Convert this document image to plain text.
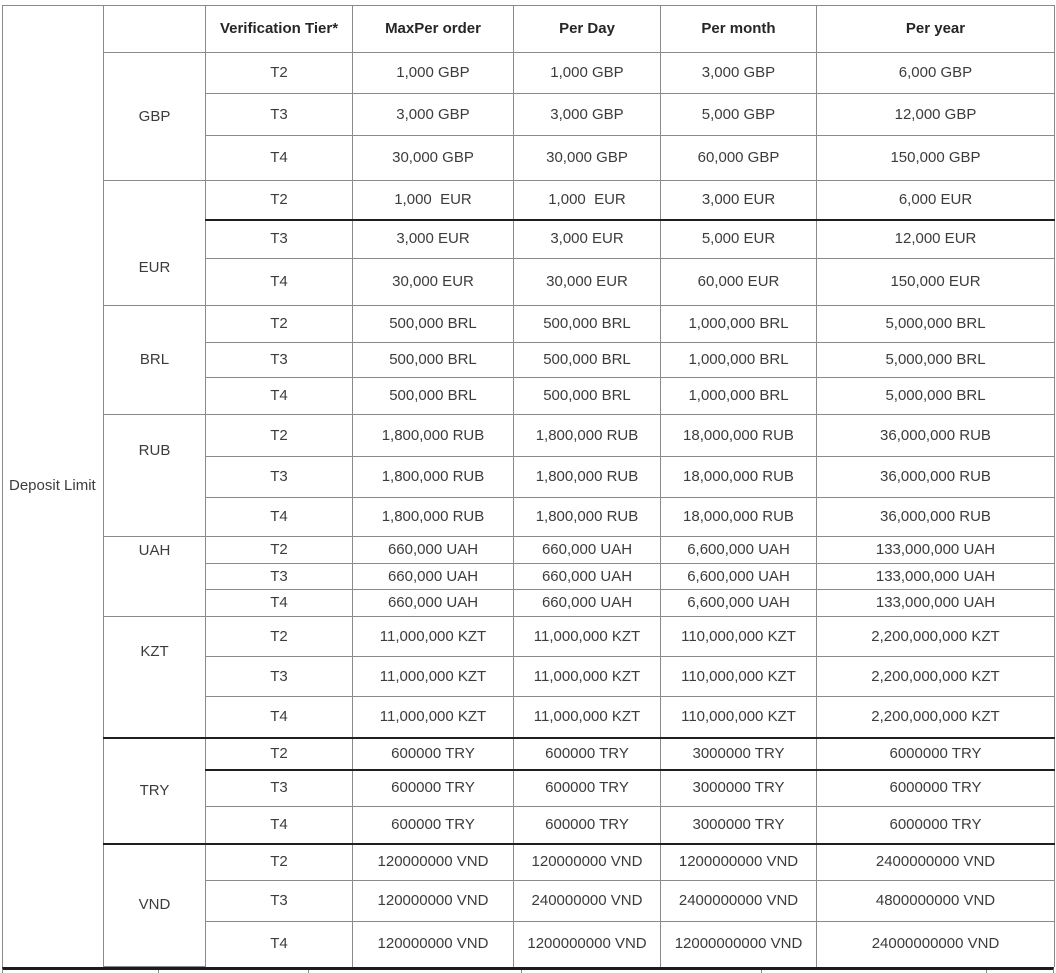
Deposit Limit		Verification Tier*	MaxPer order	Per Day	Per month	Per year
	GBP	T2	1,000 GBP	1,000 GBP	3,000 GBP	6,000 GBP
		T3	3,000 GBP	3,000 GBP	5,000 GBP	12,000 GBP
		T4	30,000 GBP	30,000 GBP	60,000 GBP	150,000 GBP
	EUR	T2	1,000  EUR	1,000  EUR	3,000 EUR	6,000 EUR
		T3	3,000 EUR	3,000 EUR	5,000 EUR	12,000 EUR
		T4	30,000 EUR	30,000 EUR	60,000 EUR	150,000 EUR
	BRL	T2	500,000 BRL	500,000 BRL	1,000,000 BRL	5,000,000 BRL
		T3	500,000 BRL	500,000 BRL	1,000,000 BRL	5,000,000 BRL
		T4	500,000 BRL	500,000 BRL	1,000,000 BRL	5,000,000 BRL
	RUB	T2	1,800,000 RUB	1,800,000 RUB	18,000,000 RUB	36,000,000 RUB
		T3	1,800,000 RUB	1,800,000 RUB	18,000,000 RUB	36,000,000 RUB
		T4	1,800,000 RUB	1,800,000 RUB	18,000,000 RUB	36,000,000 RUB
	UAH	T2	660,000 UAH	660,000 UAH	6,600,000 UAH	133,000,000 UAH
		T3	660,000 UAH	660,000 UAH	6,600,000 UAH	133,000,000 UAH
		T4	660,000 UAH	660,000 UAH	6,600,000 UAH	133,000,000 UAH
	KZT	T2	11,000,000 KZT	11,000,000 KZT	110,000,000 KZT	2,200,000,000 KZT
		T3	11,000,000 KZT	11,000,000 KZT	110,000,000 KZT	2,200,000,000 KZT
		T4	11,000,000 KZT	11,000,000 KZT	110,000,000 KZT	2,200,000,000 KZT
	TRY	T2	600000 TRY	600000 TRY	3000000 TRY	6000000 TRY
		T3	600000 TRY	600000 TRY	3000000 TRY	6000000 TRY
		T4	600000 TRY	600000 TRY	3000000 TRY	6000000 TRY
	VND	T2	120000000 VND	120000000 VND	1200000000 VND	2400000000 VND
		T3	120000000 VND	240000000 VND	2400000000 VND	4800000000 VND
		T4	120000000 VND	1200000000 VND	12000000000 VND	24000000000 VND
